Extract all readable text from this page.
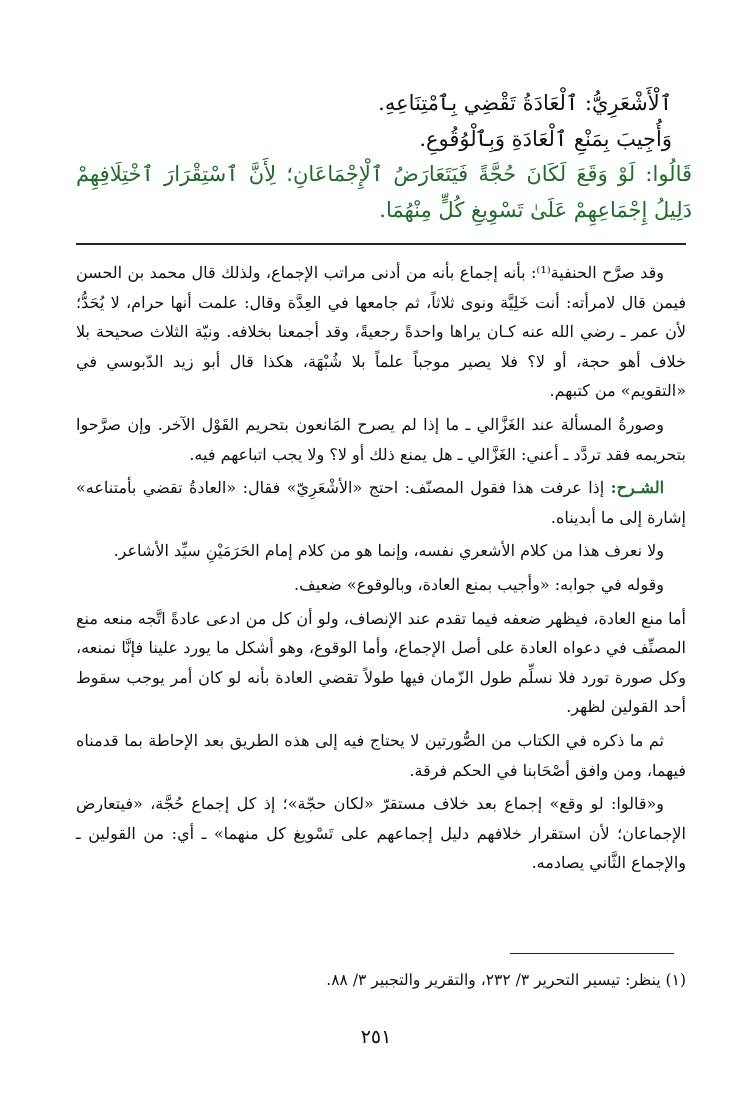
ٱلْأَشْعَرِيُّ: ٱلْعَادَةُ تَقْضِي بِٱمْتِنَاعِهِ.

وَأُجِيبَ بِمَنْعِ ٱلْعَادَةِ وَبِٱلْوُقُوعِ.

قَالُوا: لَوْ وَقَعَ لَكَانَ حُجَّةً فَيَتَعَارَضُ ٱلْإِجْمَاعَانِ؛ لِأَنَّ ٱسْتِقْرَارَ ٱخْتِلَافِهِمْ دَلِيلُ إِجْمَاعِهِمْ عَلَىٰ تَسْوِيغِ كُلٍّ مِنْهُمَا.

وقد صرَّح الحنفية⁽¹⁾: بأنه إجماع بأنه من أدنى مراتب الإجماع، ولذلك قال محمد بن الحسن فيمن قال لامرأته: أنت خَلِيَّة ونوى ثلاثاً، ثم جامعها في العِدَّة وقال: علمت أنها حرام، لا يُحَدُّ؛ لأن عمر ـ رضي الله عنه كـان يراها واحدةً رجعيةً، وقد أجمعنا بخلافه. ونيّة الثلاث صحيحة بلا خلاف أهو حجة، أو لا؟ فلا يصير موجباً علماً بلا شُبْهَة، هكذا قال أبو زيد الدّبوسي في «التقويم» من كتبهم.

وصورةُ المسألة عند الغَزَّالي ـ ما إذا لم يصرح المَانعون بتحريم القَوْل الآخر. وإن صرَّحوا بتحريمه فقد تردَّد ـ أعني: الغَزَّالي ـ هل يمنع ذلك أو لا؟ ولا يجب اتباعهم فيه.

الشـرح: إذا عرفت هذا فقول المصنّف: احتج «الأشْعَرِيّ» فقال: «العادةُ تقضي بأمتناعه» إشارة إلى ما أبديناه.

ولا نعرف هذا من كلام الأشعري نفسه، وإنما هو من كلام إمام الحَرَمَيْنِ سيِّد الأشاعر.

وقوله في جوابه: «وأجيب بمنع العادة، وبالوقوع» ضعيف.

أما منع العادة، فيظهر ضعفه فيما تقدم عند الإنصاف، ولو أن كل من ادعى عادةً اتَّجه منعه منع المصنِّف في دعواه العادة على أصل الإجماع، وأما الوقوع، وهو أشكل ما يورد علينا فإنَّا نمنعه، وكل صورة تورد فلا نسلِّم طول الزّمان فيها طولاً تقضي العادة بأنه لو كان أمر يوجب سقوط أحد القولين لظهر.

ثم ما ذكره في الكتاب من الصُّورتين لا يحتاج فيه إلى هذه الطريق بعد الإحاطة بما قدمناه فيهما، ومن وافق أصْحَابنا في الحكم فرقة.

و«قالوا: لو وقع» إجماع بعد خلاف مستقرّ «لكان حجّة»؛ إذ كل إجماع حُجَّة، «فيتعارض الإجماعان؛ لأن استقرار خلافهم دليل إجماعهم على تَسْويغ كل منهما» ـ أي: من القولين ـ والإجماع الثَّاني يصادمه.

(١) ينظر: تيسير التحرير ٣/ ٢٣٢، والتقرير والتجبير ٣/ ٨٨.
٢٥١
